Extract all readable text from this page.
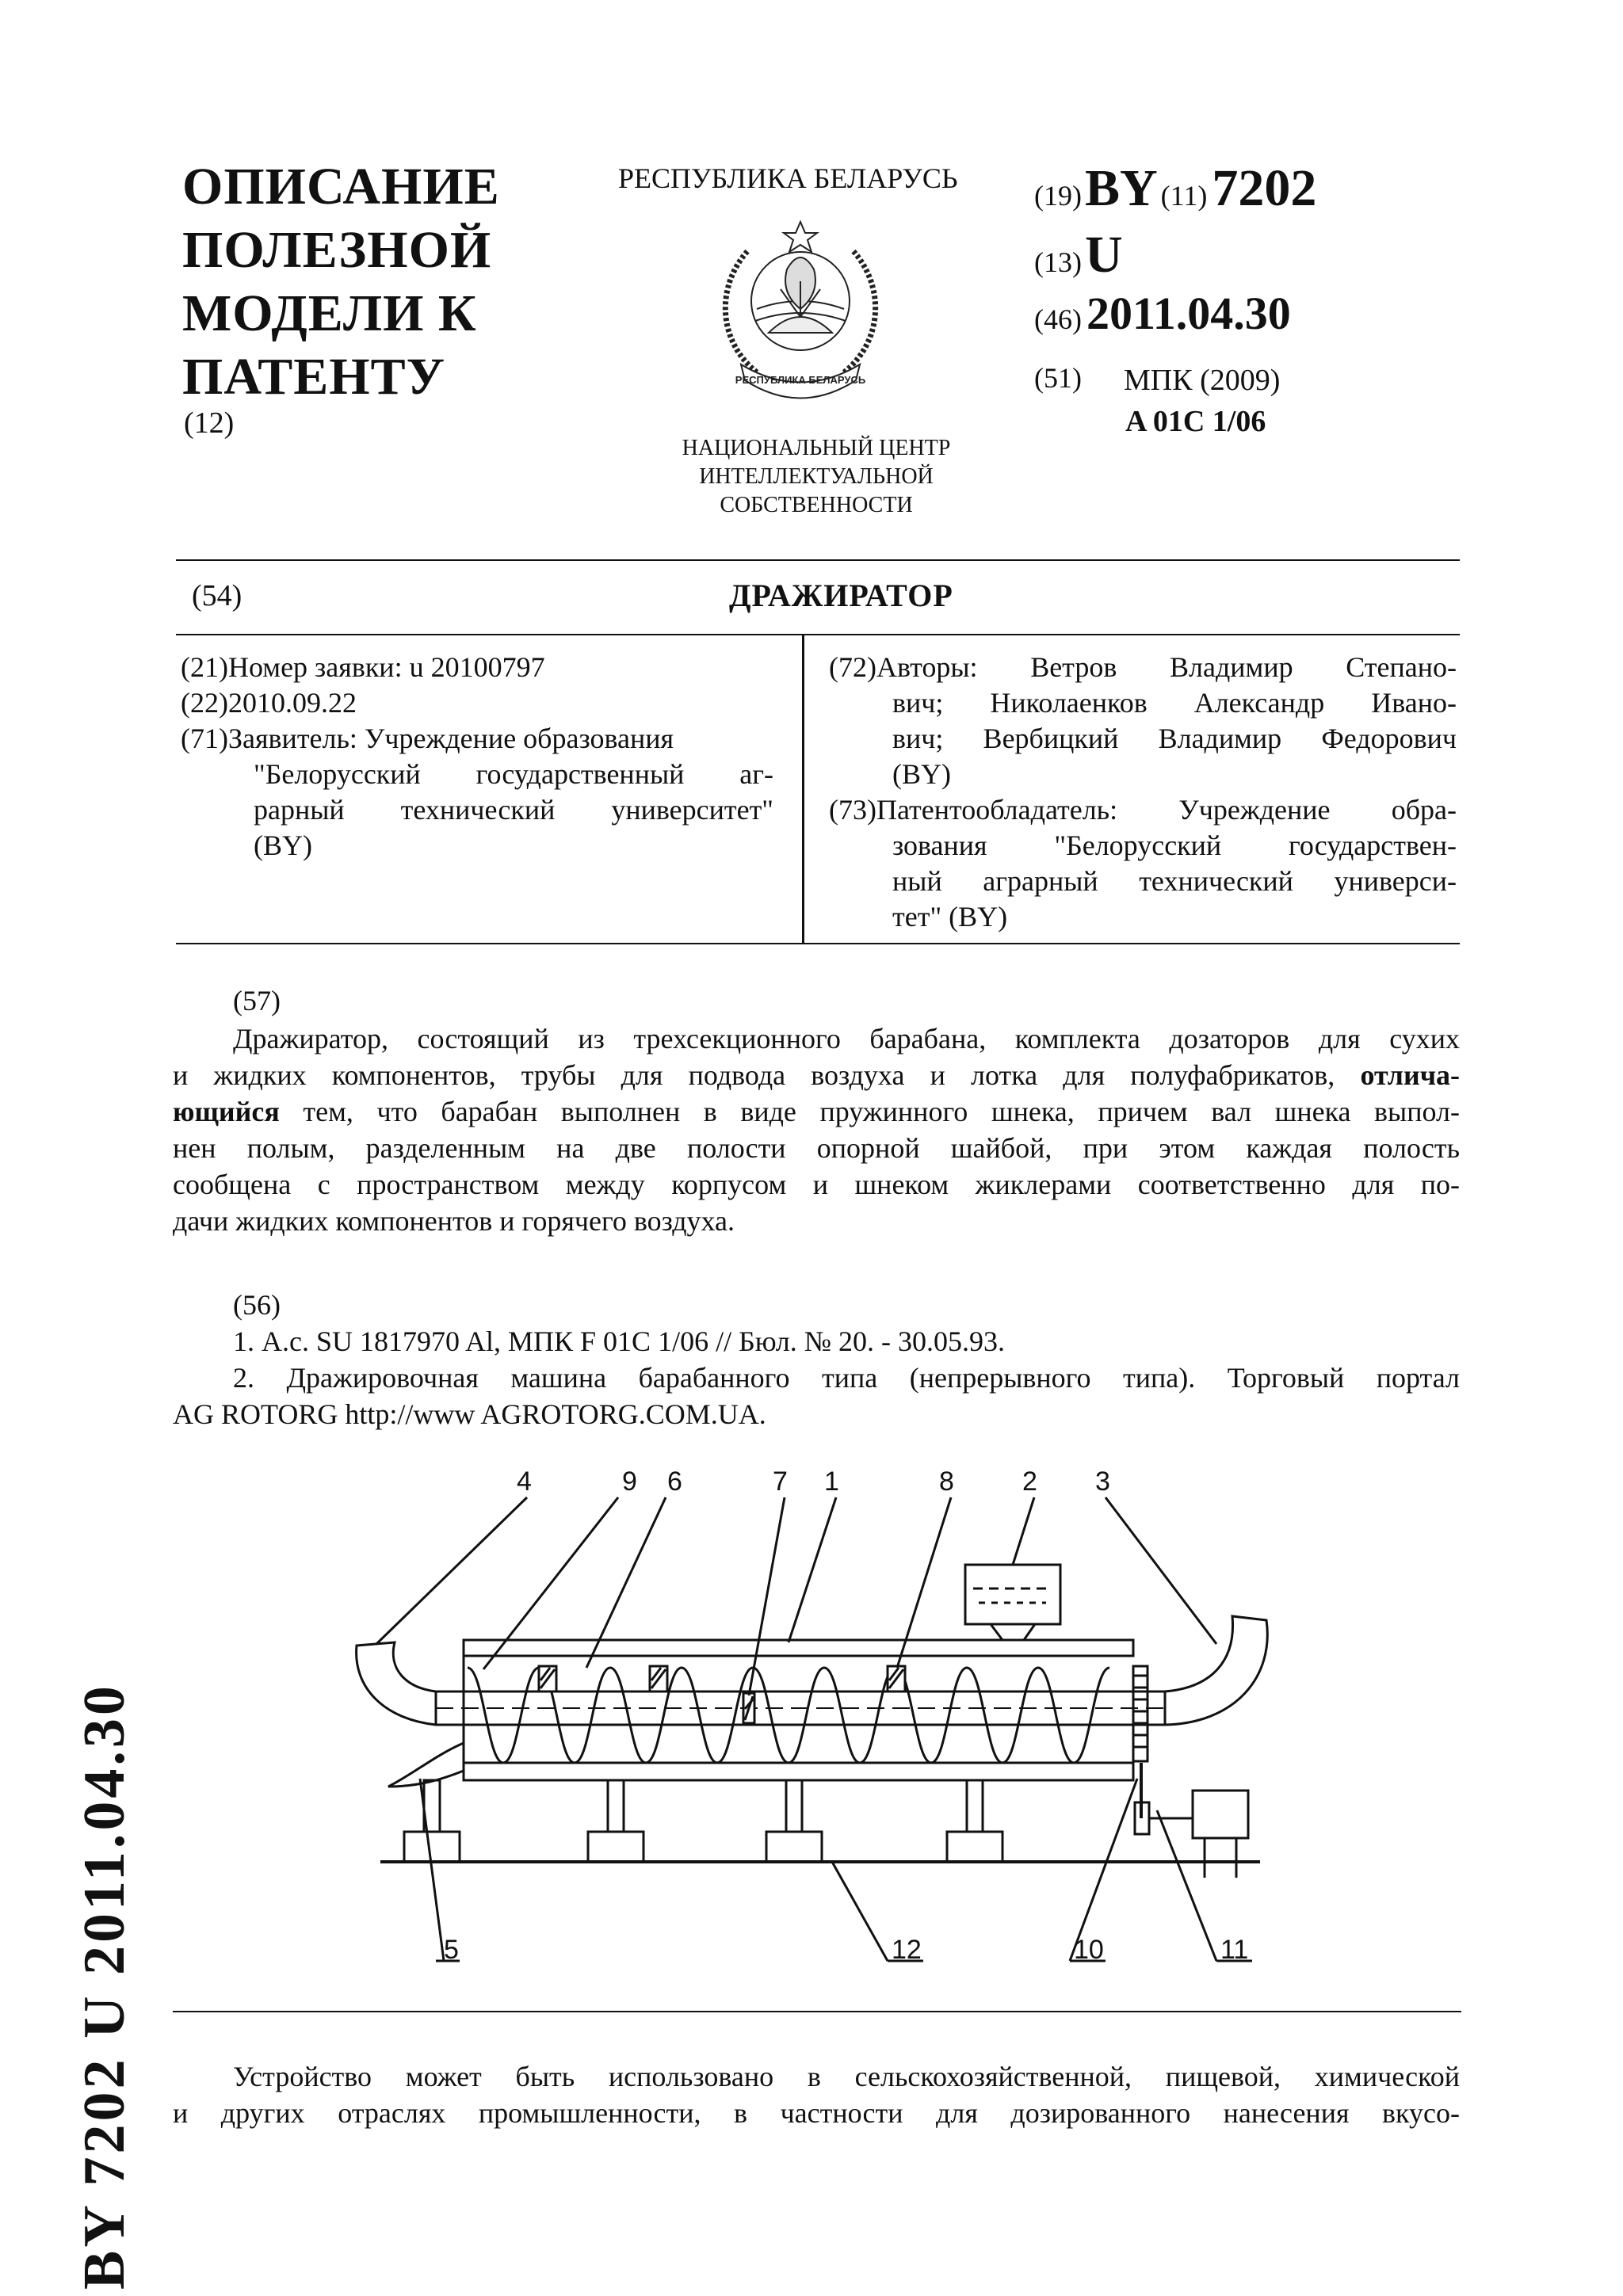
ОПИСАНИЕ
ПОЛЕЗНОЙ
МОДЕЛИ К
ПАТЕНТУ
(12)
РЕСПУБЛИКА БЕЛАРУСЬ
РЕСПУБЛИКА БЕЛАРУСЬ
НАЦИОНАЛЬНЫЙ ЦЕНТР
ИНТЕЛЛЕКТУАЛЬНОЙ
СОБСТВЕННОСТИ
(19) BY (11)7202
(13) U
(46) 2011.04.30
(51) МПК (2009)
A 01C 1/06
(54)	ДРАЖИРАТОР
(21) Номер заявки: u 20100797
(22) 2010.09.22
(71) Заявитель: Учреждение образования
"Белорусский государственный аг-
рарный технический университет"
(BY)
(72) Авторы: Ветров Владимир Степано-
вич; Николаенков Александр Ивано-
вич; Вербицкий Владимир Федорович
(BY)
(73) Патентообладатель: Учреждение обра-
зования "Белорусский государствен-
ный аграрный технический универси-
тет" (BY)
(57)
Дражиратор, состоящий из трехсекционного барабана, комплекта дозаторов для сухих
и жидких компонентов, трубы для подвода воздуха и лотка для полуфабрикатов, отлича-
ющийся тем, что барабан выполнен в виде пружинного шнека, причем вал шнека выпол-
нен полым, разделенным на две полости опорной шайбой, при этом каждая полость
сообщена с пространством между корпусом и шнеком жиклерами соответственно для по-
дачи жидких компонентов и горячего воздуха.
(56)
1. А.с. SU 1817970 Al, МПК F 01C 1/06 // Бюл. № 20. - 30.05.93.
2. Дражировочная машина барабанного типа (непрерывного типа). Торговый портал
AG ROTORG http://www AGROTORG.COM.UA.
4	9 6	7 1	8	2 3
5	12	10	11
Устройство может быть использовано в сельскохозяйственной, пищевой, химической
и других отраслях промышленности, в частности для дозированного нанесения вкусо-
BY 7202 U 2011.04.30
